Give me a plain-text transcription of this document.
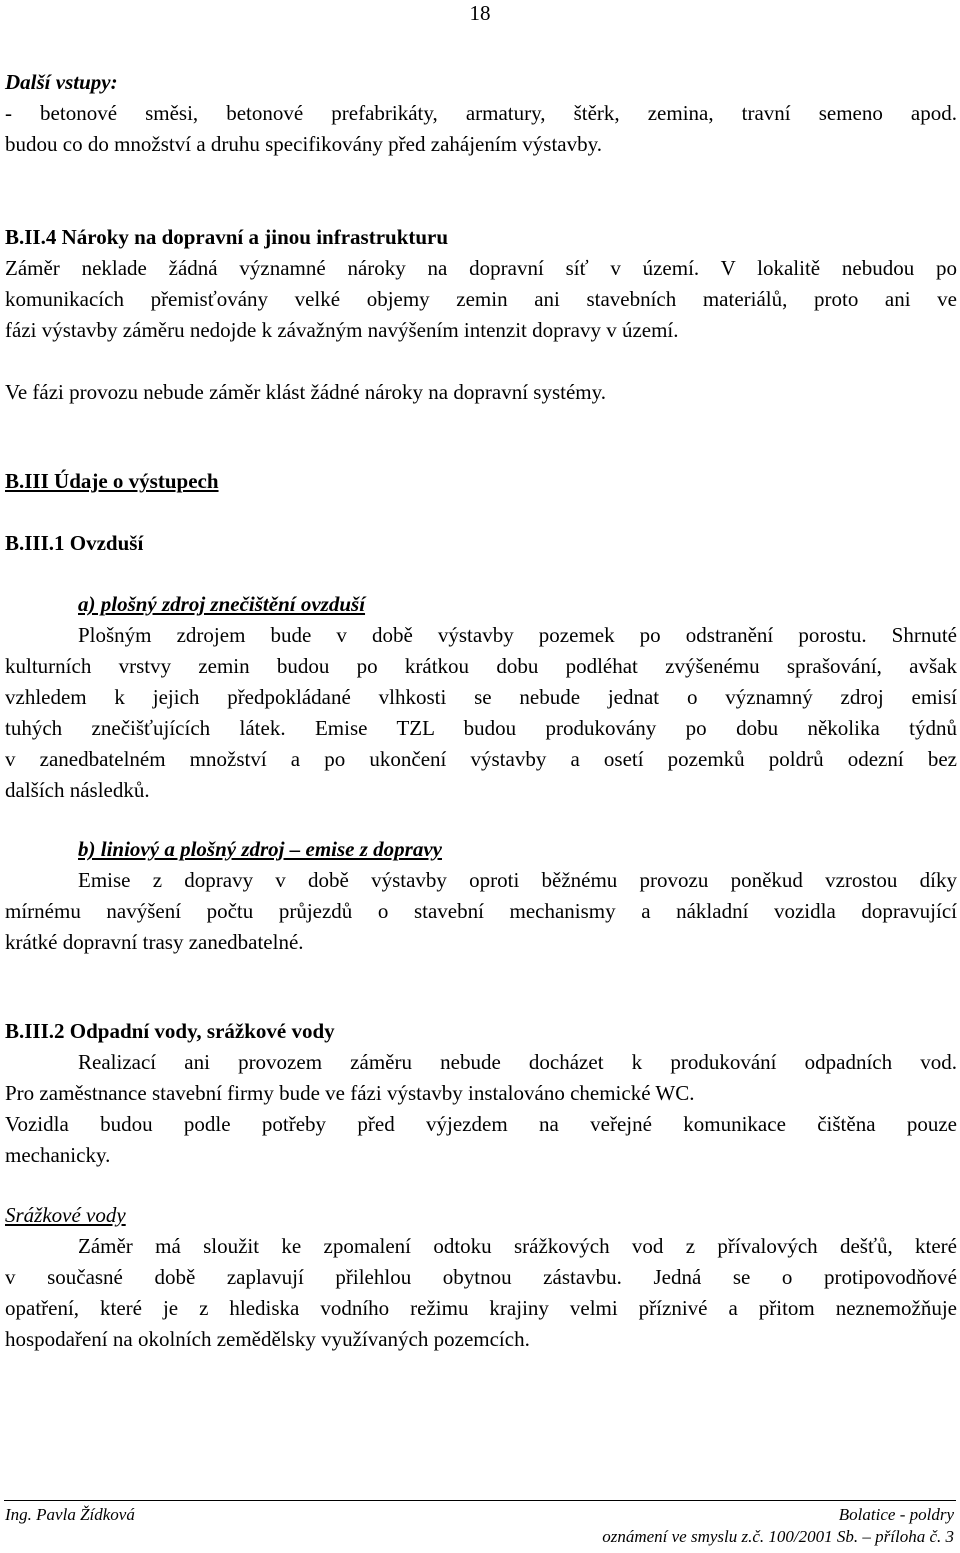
18
Další vstupy:
- betonové směsi, betonové prefabrikáty, armatury, štěrk, zemina, travní semeno apod.
budou co do množství a druhu specifikovány před zahájením výstavby.
B.II.4 Nároky na dopravní a jinou infrastrukturu
Záměr neklade žádná významné nároky na dopravní síť v území. V lokalitě nebudou po
komunikacích přemisťovány velké objemy zemin ani stavebních materiálů, proto ani ve
fázi výstavby záměru nedojde k závažným navýšením intenzit dopravy v území.
Ve fázi provozu nebude záměr klást žádné nároky na dopravní systémy.
B.III Údaje o výstupech
B.III.1 Ovzduší
a) plošný zdroj znečištění ovzduší
Plošným zdrojem bude v době výstavby pozemek po odstranění porostu. Shrnuté
kulturních vrstvy zemin budou po krátkou dobu podléhat zvýšenému sprašování, avšak
vzhledem k jejich předpokládané vlhkosti se nebude jednat o významný zdroj emisí
tuhých znečišťujících látek. Emise TZL budou produkovány po dobu několika týdnů
v zanedbatelném množství a po ukončení výstavby a osetí pozemků poldrů odezní bez
dalších následků.
b) liniový a plošný zdroj – emise z dopravy
Emise z dopravy v době výstavby oproti běžnému provozu poněkud vzrostou díky
mírnému navýšení počtu průjezdů o stavební mechanismy a nákladní vozidla dopravující
krátké dopravní trasy zanedbatelné.
B.III.2 Odpadní vody, srážkové vody
Realizací ani provozem záměru nebude docházet k produkování odpadních vod.
Pro zaměstnance stavební firmy bude ve fázi výstavby instalováno chemické WC.
Vozidla budou podle potřeby před výjezdem na veřejné komunikace čištěna pouze
mechanicky.
Srážkové vody
Záměr má sloužit ke zpomalení odtoku srážkových vod z přívalových dešťů, které
v současné době zaplavují přilehlou obytnou zástavbu. Jedná se o protipovodňové
opatření, které je z hlediska vodního režimu krajiny velmi příznivé a přitom neznemožňuje
hospodaření na okolních zemědělsky využívaných pozemcích.
Ing. Pavla Žídková	Bolatice - poldry
oznámení ve smyslu z.č. 100/2001 Sb. – příloha č. 3
